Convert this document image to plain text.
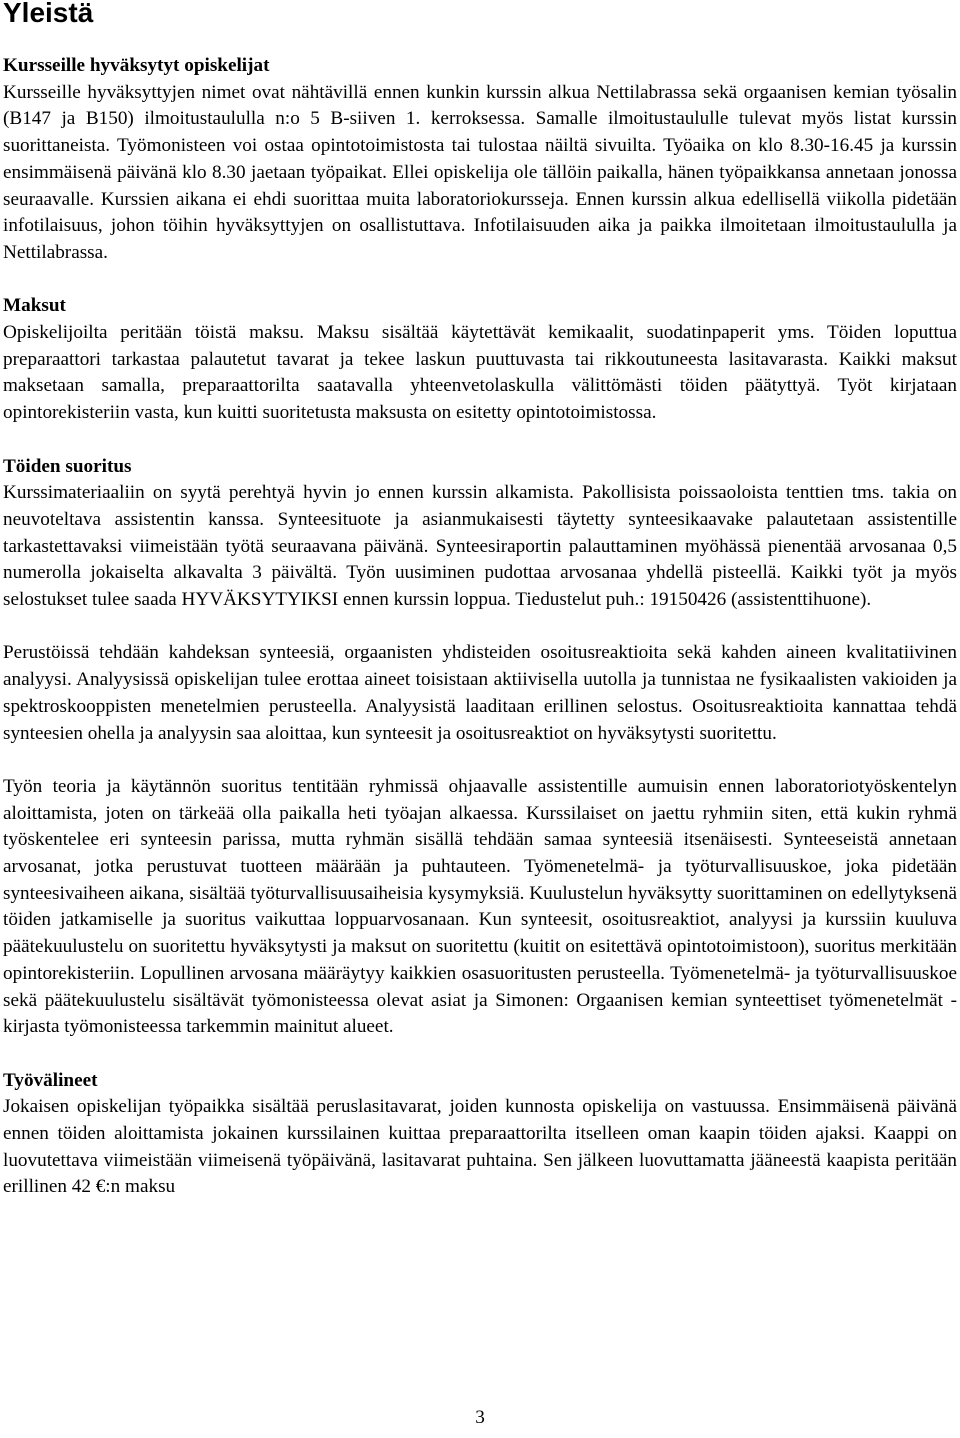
Yleistä
Kursseille hyväksytyt opiskelijat

Kursseille hyväksyttyjen nimet ovat nähtävillä ennen kunkin kurssin alkua Nettilabrassa sekä orgaanisen kemian työsalin (B147 ja B150) ilmoitustaululla n:o 5 B-siiven 1. kerroksessa. Samalle ilmoitustaululle tulevat myös listat kurssin suorittaneista. Työmonisteen voi ostaa opintotoimistosta tai tulostaa näiltä sivuilta. Työaika on klo 8.30-16.45 ja kurssin ensimmäisenä päivänä klo 8.30 jaetaan työpaikat. Ellei opiskelija ole tällöin paikalla, hänen työpaikkansa annetaan jonossa seuraavalle. Kurssien aikana ei ehdi suorittaa muita laboratoriokursseja. Ennen kurssin alkua edellisellä viikolla pidetään infotilaisuus, johon töihin hyväksyttyjen on osallistuttava. Infotilaisuuden aika ja paikka ilmoitetaan ilmoitustaululla ja Nettilabrassa.

Maksut

Opiskelijoilta peritään töistä maksu. Maksu sisältää käytettävät kemikaalit, suodatinpaperit yms. Töiden loputtua preparaattori tarkastaa palautetut tavarat ja tekee laskun puuttuvasta tai rikkoutuneesta lasitavarasta. Kaikki maksut maksetaan samalla, preparaattorilta saatavalla yhteenvetolaskulla välittömästi töiden päätyttyä. Työt kirjataan opintorekisteriin vasta, kun kuitti suoritetusta maksusta on esitetty opintotoimistossa.

Töiden suoritus

Kurssimateriaaliin on syytä perehtyä hyvin jo ennen kurssin alkamista. Pakollisista poissaoloista tenttien tms. takia on neuvoteltava assistentin kanssa. Synteesituote ja asianmukaisesti täytetty synteesikaavake palautetaan assistentille tarkastettavaksi viimeistään työtä seuraavana päivänä. Synteesiraportin palauttaminen myöhässä pienentää arvosanaa 0,5 numerolla jokaiselta alkavalta 3 päivältä. Työn uusiminen pudottaa arvosanaa yhdellä pisteellä. Kaikki työt ja myös selostukset tulee saada HYVÄKSYTYIKSI ennen kurssin loppua. Tiedustelut puh.: 19150426 (assistenttihuone).

Perustöissä tehdään kahdeksan synteesiä, orgaanisten yhdisteiden osoitusreaktioita sekä kahden aineen kvalitatiivinen analyysi. Analyysissä opiskelijan tulee erottaa aineet toisistaan aktiivisella uutolla ja tunnistaa ne fysikaalisten vakioiden ja spektroskooppisten menetelmien perusteella. Analyysistä laaditaan erillinen selostus. Osoitusreaktioita kannattaa tehdä synteesien ohella ja analyysin saa aloittaa, kun synteesit ja osoitusreaktiot on hyväksytysti suoritettu.

Työn teoria ja käytännön suoritus tentitään ryhmissä ohjaavalle assistentille aumuisin ennen laboratoriotyöskentelyn aloittamista, joten on tärkeää olla paikalla heti työajan alkaessa. Kurssilaiset on jaettu ryhmiin siten, että kukin ryhmä työskentelee eri synteesin parissa, mutta ryhmän sisällä tehdään samaa synteesiä itsenäisesti. Synteeseistä annetaan arvosanat, jotka perustuvat tuotteen määrään ja puhtauteen. Työmenetelmä- ja työturvallisuuskoe, joka pidetään synteesivaiheen aikana, sisältää työturvallisuusaiheisia kysymyksiä. Kuulustelun hyväksytty suorittaminen on edellytyksenä töiden jatkamiselle ja suoritus vaikuttaa loppuarvosanaan. Kun synteesit, osoitusreaktiot, analyysi ja kurssiin kuuluva päätekuulustelu on suoritettu hyväksytysti ja maksut on suoritettu (kuitit on esitettävä opintotoimistoon), suoritus merkitään opintorekisteriin. Lopullinen arvosana määräytyy kaikkien osasuoritusten perusteella. Työmenetelmä- ja työturvallisuuskoe sekä päätekuulustelu sisältävät työmonisteessa olevat asiat ja Simonen: Orgaanisen kemian synteettiset työmenetelmät - kirjasta työmonisteessa tarkemmin mainitut alueet.

Työvälineet

Jokaisen opiskelijan työpaikka sisältää peruslasitavarat, joiden kunnosta opiskelija on vastuussa. Ensimmäisenä päivänä ennen töiden aloittamista jokainen kurssilainen kuittaa preparaattorilta itselleen oman kaapin töiden ajaksi. Kaappi on luovutettava viimeistään viimeisenä työpäivänä, lasitavarat puhtaina. Sen jälkeen luovuttamatta jääneestä kaapista peritään erillinen 42 €:n maksu

3
